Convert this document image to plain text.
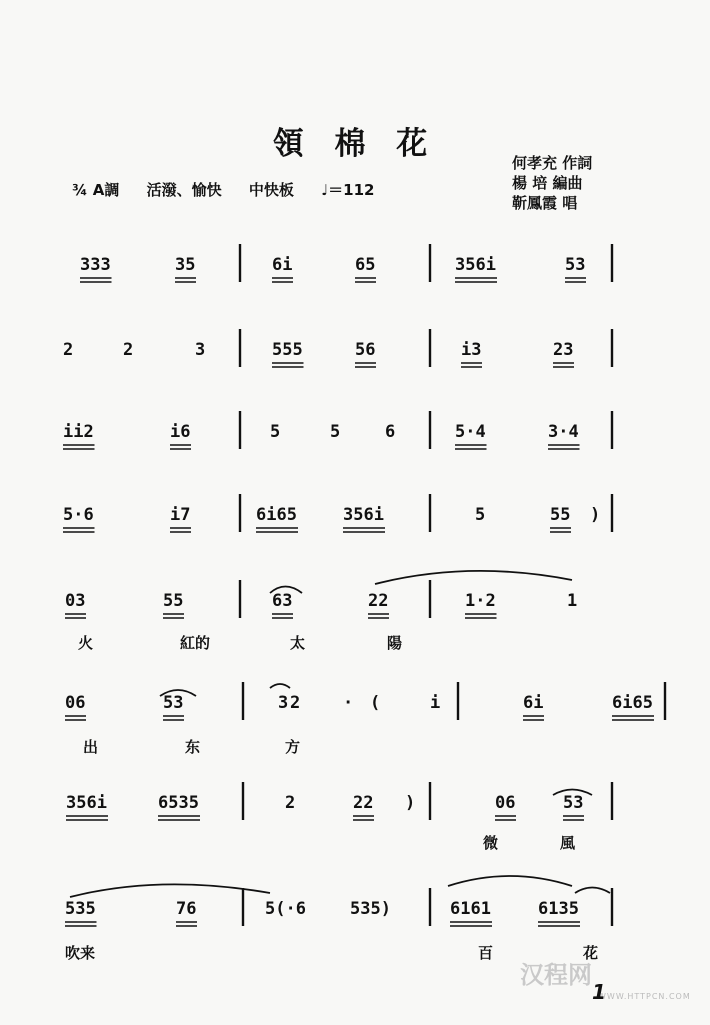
領 棉 花
¾ A調 活潑、愉快 中快板 ♩＝112
何孝充 作詞
楊 培 編曲
靳鳳霞 唱
333	35	6i	65	356i	53
2	2	3	555	56	i3	23
ii2	i6	5	5	6	5·4	3·4
5·6	i7	6i65	356i	5	55 )
03	55	63	22	1·2	1
火	紅的	太	陽
06	53	3 2	· (	i	6i	6i65
出	东	方
356i	6535	2	22 )	06	53
微	風
535	76	5(·6	535)	6161	6135
吹来	百	花
汉程网
WWW.HTTPCN.COM
1
